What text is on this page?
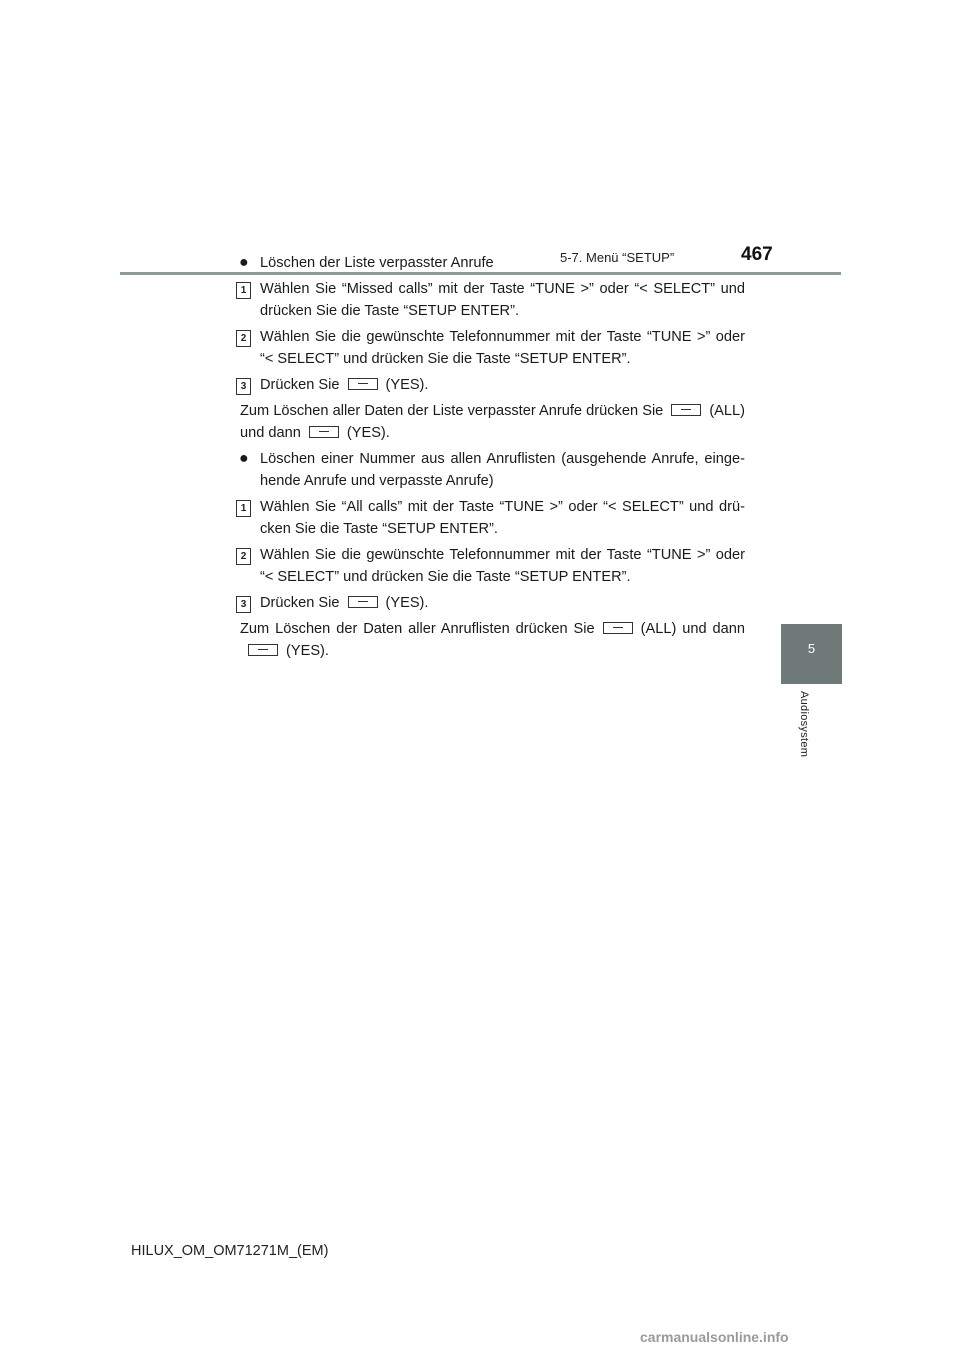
5-7. Menü “SETUP”	467
5
Audiosystem
● Löschen der Liste verpasster Anrufe
1 Wählen Sie “Missed calls” mit der Taste “TUNE >” oder “< SELECT” und drücken Sie die Taste “SETUP ENTER”.
2 Wählen Sie die gewünschte Telefonnummer mit der Taste “TUNE >” oder “< SELECT” und drücken Sie die Taste “SETUP ENTER”.
3 Drücken Sie	(YES).
Zum Löschen aller Daten der Liste verpasster Anrufe drücken Sie	(ALL) und dann	(YES).
● Löschen einer Nummer aus allen Anruflisten (ausgehende Anrufe, einge-hende Anrufe und verpasste Anrufe)
1 Wählen Sie “All calls” mit der Taste “TUNE >” oder “< SELECT” und drü-cken Sie die Taste “SETUP ENTER”.
2 Wählen Sie die gewünschte Telefonnummer mit der Taste “TUNE >” oder “< SELECT” und drücken Sie die Taste “SETUP ENTER”.
3 Drücken Sie	(YES).
Zum Löschen der Daten aller Anruflisten drücken Sie	(ALL) und dann(YES).
HILUX_OM_OM71271M_(EM)
carmanualsonline.info
